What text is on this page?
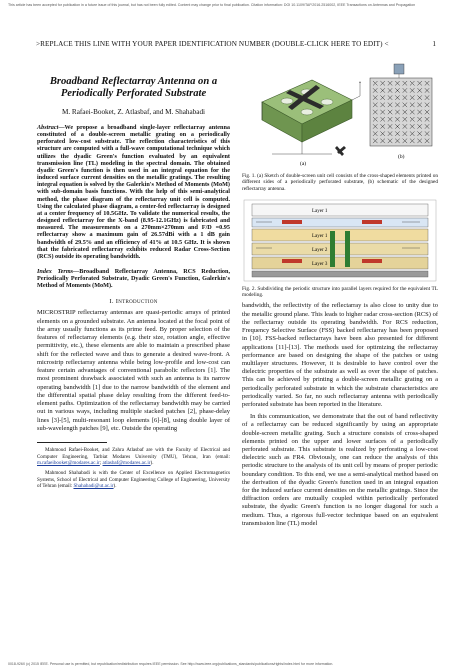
This article has been accepted for publication in a future issue of this journal, but has not been fully edited. Content may change prior to final publication. Citation information: DOI 10.1109/TAP.2016.2516002, IEEE Transactions on Antennas and Propagation
>REPLACE THIS LINE WITH YOUR PAPER IDENTIFICATION NUMBER (DOUBLE-CLICK HERE TO EDIT) <	1
Broadband Reflectarray Antenna on a Periodically Perforated Substrate
M. Rafaei-Booket, Z. Atlasbaf, and M. Shahabadi
Abstract—We propose a broadband single-layer reflectarray antenna constituted of a double-screen metallic grating on a periodically perforated low-cost substrate. The reflection characteristics of this structure are computed with a full-wave computational technique which utilizes the dyadic Green's function evaluated by an equivalent transmission line (TL) modeling in the spectral domain. The obtained dyadic Green's function is then used in an integral equation for the induced surface current densities on the metallic gratings. The resulting integral equation is solved by the Galerkin's Method of Moments (MoM) with sub-domain basis functions. With the help of this semi-analytical method, the phase diagram of the reflectarray unit cell is computed. Using the calculated phase diagram, a center-fed reflectarray is designed at a center frequency of 10.5GHz. To validate the numerical results, the designed reflectarray for the X-band (8.95-12.1GHz) is fabricated and measured. The measurements on a 270mm×270mm and F/D =0.95 reflectarray show a maximum gain of 26.57dBi with a 1 dB gain bandwidth of 29.5% and an efficiency of 41% at 10.5 GHz. It is shown that the fabricated reflectarray exhibits reduced Radar Cross-Section (RCS) outside its operating bandwidth.
Index Terms—Broadband Reflectarray Antenna, RCS Reduction, Periodically Perforated Substrate, Dyadic Green's Function, Galerkin's Method of Moments (MoM).
I. Introduction
MICROSTRIP reflectarray antennas are quasi-periodic arrays of printed elements on a grounded substrate. An antenna located at the focal point of the array usually functions as its prime feed. By proper selection of the features of reflectarray elements (e.g. their size, rotation angle, effective permittivity, etc.), these elements are able to maintain a prescribed phase shift for the reflected wave and thus to generate a desired wave-front. A microstrip reflectarray antenna while being low-profile and low-cost can feature certain advantages of conventional parabolic reflectors [1]. The most prominent drawback associated with such an antenna is its narrow operating bandwidth [1] due to the narrow bandwidth of the element and the differential spatial phase delay resulting from the different feed-to-element paths. Optimization of the reflectarray bandwidth may be carried out in various ways, including multiple stacked patches [2], phase-delay lines [3]-[5], multi-resonant loop elements [6]-[8], using double layer of sub-wavelength patches [9], etc. Outside the operating
Mahmoud Rafaei-Booket, and Zahra Atlasbaf are with the Faculty of Electrical and Computer Engineering, Tarbiat Modares University (TMU), Tehran, Iran (email: m.rafaeibooket@modares.ac.ir; atlasbaf@modares.ac.ir).
Mahmoud Shahabadi is with the Center of Excellence on Applied Electromagnetics Systems, School of Electrical and Computer Engineering College of Engineering, University of Tehran (email: Shahabadi@ut.ac.ir).
(a)
(b)
Fig. 1. (a) Sketch of double-screen unit cell consists of the cross-shaped elements printed on different sides of a periodically perforated substrate, (b) schematic of the designed reflectarray antenna.
Layer 1
Layer 1
Layer 2
Layer 3
Fig. 2. Subdividing the periodic structure into parallel layers required for the equivalent TL modeling.
bandwidth, the reflectivity of the reflectarray is also close to unity due to the metallic ground plane. This leads to higher radar cross-section (RCS) of the reflectarray outside its operating bandwidth. For RCS reduction, Frequency Selective Surface (FSS) backed reflectarray has been proposed in [10]. FSS-backed reflectarrays have been also presented for different applications [11]-[13]. The methods used for optimizing the reflectarray performance are based on designing the shape of the patches or using multilayer structures. However, it is desirable to have control over the dielectric properties of the substrate as well as over the shape of patches. This can be achieved by printing a double-screen metallic grating on a periodically perforated substrate in which the substrate characteristics are periodically varied. So far, no such reflectarray antenna with periodically perforated substrate has been reported in the literature.
In this communication, we demonstrate that the out of band reflectivity of a reflectarray can be reduced significantly by using an appropriate double-screen metallic grating. Such a structure consists of cross-shaped elements printed on the upper and lower surfaces of a periodically perforated substrate. This substrate is realized by perforating a low-cost dielectric such as FR4. Obviously, one can reduce the analysis of this periodic structure to the analysis of its unit cell by means of proper periodic boundary condition. To this end, we use a semi-analytical method based on the derivation of the dyadic Green's function used in an integral equation for the induced surface current densities on the metallic gratings. Since the diffraction orders are mutually coupled within periodically perforated substrate, the dyadic Green's function is no longer diagonal for such a medium. Thus, a rigorous full-vector technique based on an equivalent transmission line (TL) model
0018-926X (c) 2015 IEEE. Personal use is permitted, but republication/redistribution requires IEEE permission. See http://www.ieee.org/publications_standards/publications/rights/index.html for more information.
